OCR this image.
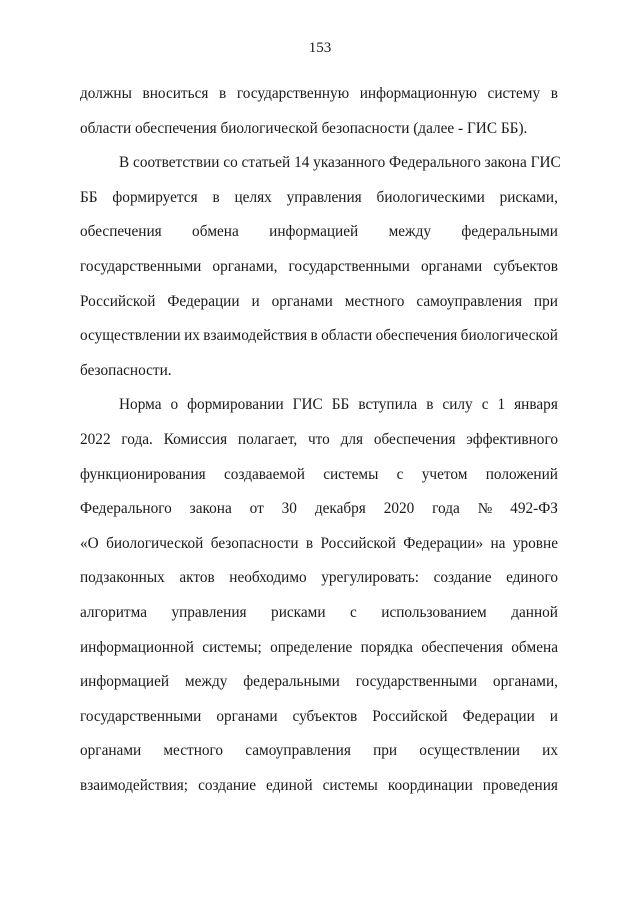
153
должны вноситься в государственную информационную систему в
области обеспечения биологической безопасности (далее - ГИС ББ).
В соответствии со статьей 14 указанного Федерального закона ГИС
ББ формируется в целях управления биологическими рисками,
обеспечения обмена информацией между федеральными
государственными органами, государственными органами субъектов
Российской Федерации и органами местного самоуправления при
осуществлении их взаимодействия в области обеспечения биологической
безопасности.
Норма о формировании ГИС ББ вступила в силу с 1 января
2022 года. Комиссия полагает, что для обеспечения эффективного
функционирования создаваемой системы с учетом положений
Федерального закона от 30 декабря 2020 года № 492-ФЗ
«О биологической безопасности в Российской Федерации» на уровне
подзаконных актов необходимо урегулировать: создание единого
алгоритма управления рисками с использованием данной
информационной системы; определение порядка обеспечения обмена
информацией между федеральными государственными органами,
государственными органами субъектов Российской Федерации и
органами местного самоуправления при осуществлении их
взаимодействия; создание единой системы координации проведения
